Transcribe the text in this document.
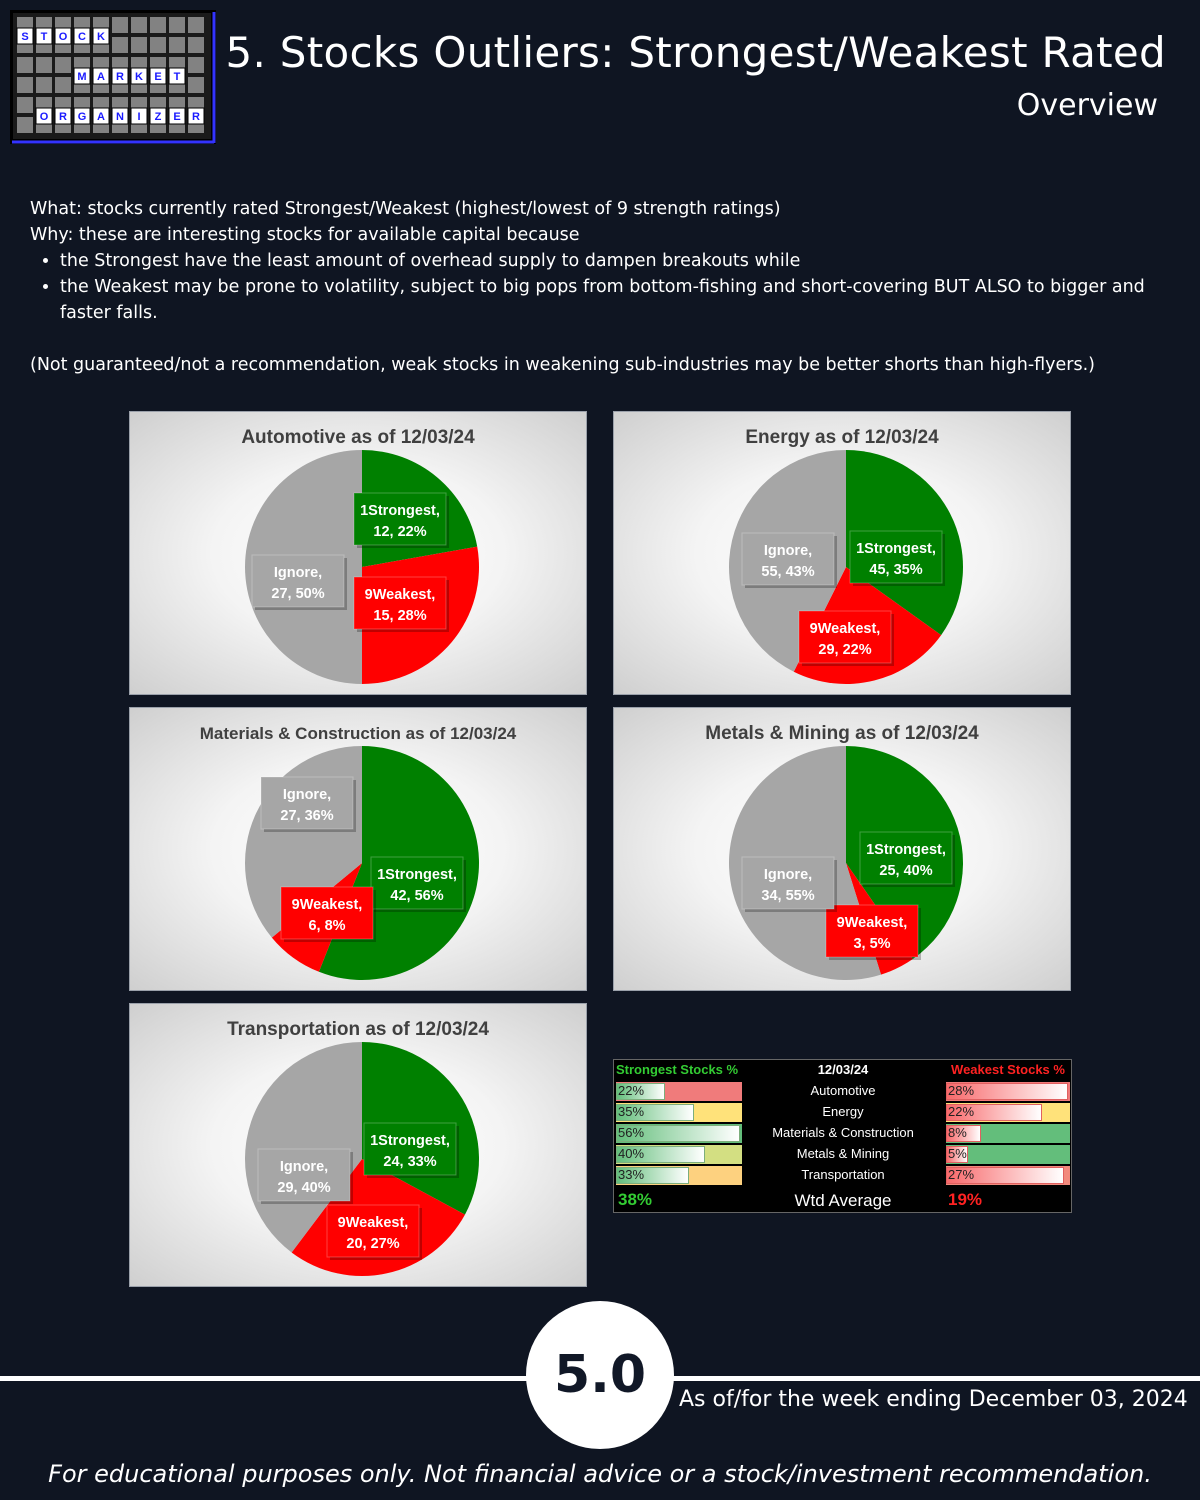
S T O C K
M A R K E T
O R G A N I Z E R
5. Stocks Outliers: Strongest/Weakest Rated
Overview

What: stocks currently rated Strongest/Weakest (highest/lowest of 9 strength ratings)

Why: these are interesting stocks for available capital because

• the Strongest have the least amount of overhead supply to dampen breakouts while
• the Weakest may be prone to volatility, subject to big pops from bottom-fishing and short-covering BUT ALSO to bigger and faster falls.

(Not guaranteed/not a recommendation, weak stocks in weakening sub-industries may be better shorts than high-flyers.)

Automotive as of 12/03/24
1Strongest,
12, 22%
9Weakest,
15, 28%
Ignore,
27, 50%
Energy as of 12/03/24
1Strongest,
45, 35%
9Weakest,
29, 22%
Ignore,
55, 43%
Materials & Construction as of 12/03/24
1Strongest,
42, 56%
9Weakest,
6, 8%
Ignore,
27, 36%
Metals & Mining as of 12/03/24
1Strongest,
25, 40%
9Weakest,
3, 5%
Ignore,
34, 55%
Transportation as of 12/03/24
1Strongest,
24, 33%
9Weakest,
20, 27%
Ignore,
29, 40%
Strongest Stocks %	12/03/24	Weakest Stocks %
22%	Automotive	28%
35%	Energy	22%
56%	Materials & Construction	8%
40%	Metals & Mining	5%
33%	Transportation	27%
38%	Wtd Average	19%
5.0	As of/for the week ending December 03, 2024
For educational purposes only. Not financial advice or a stock/investment recommendation.
